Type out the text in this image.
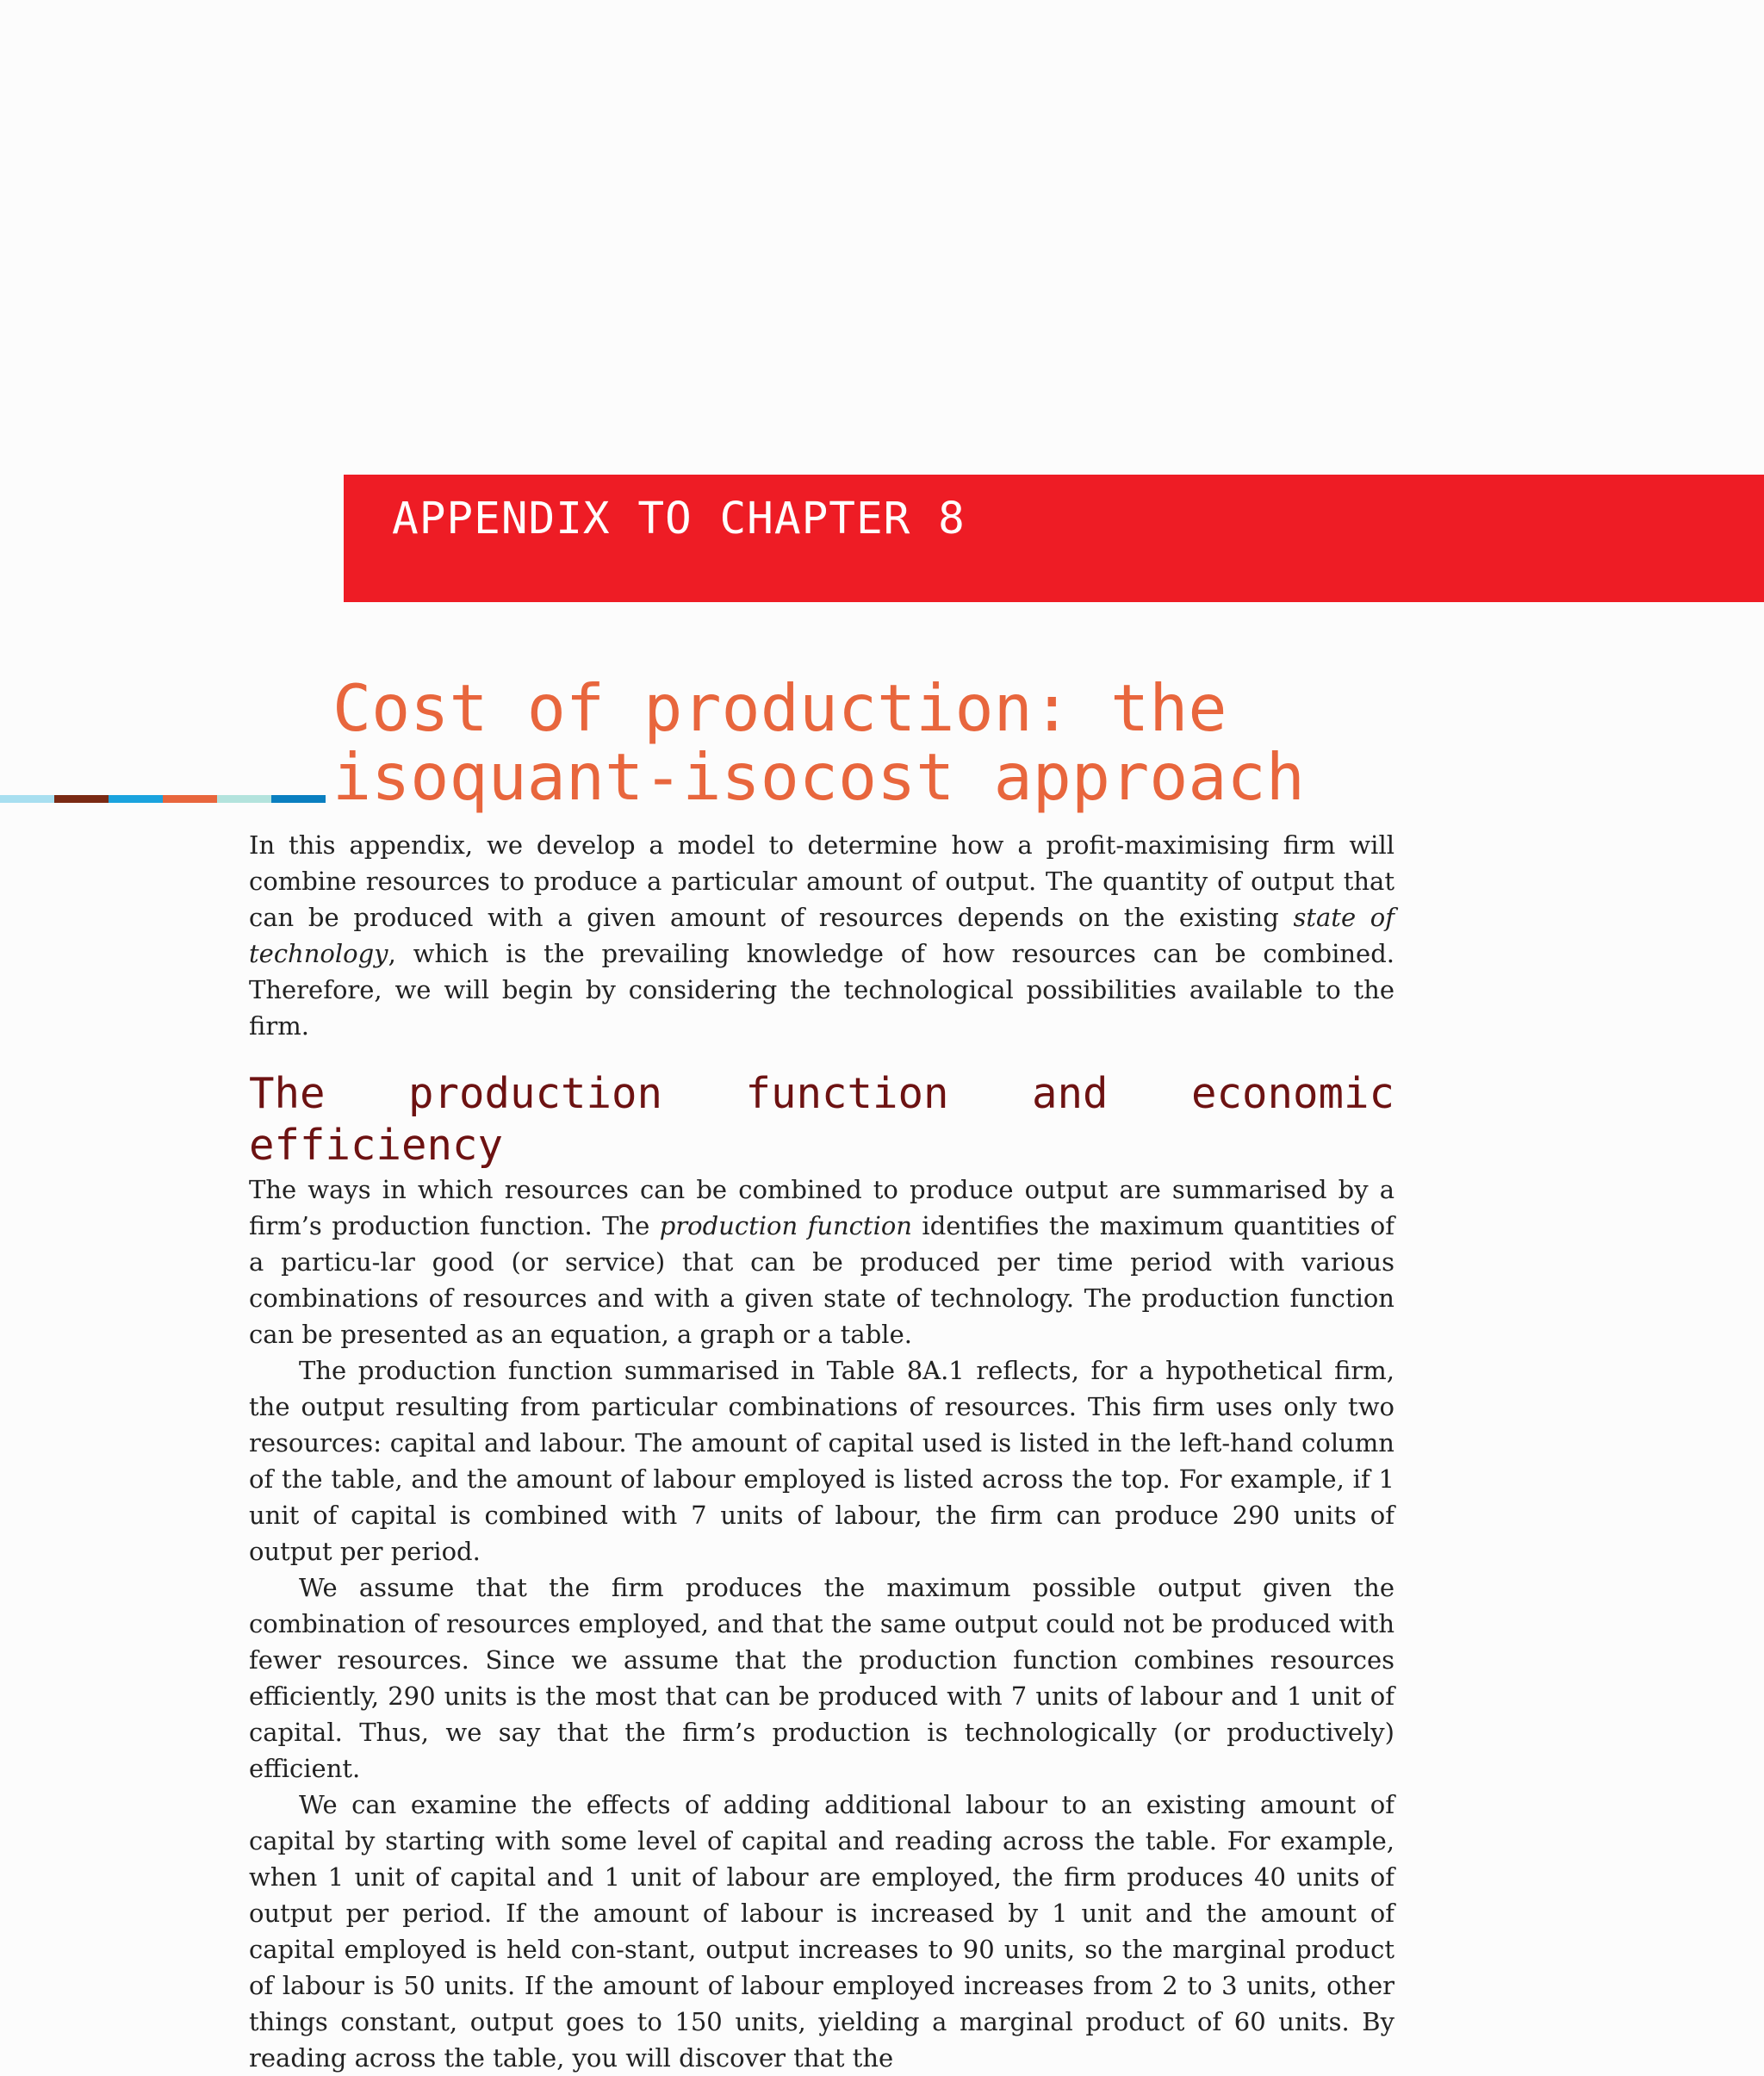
APPENDIX TO CHAPTER 8
Cost of production: the
isoquant-isocost approach

In this appendix, we develop a model to determine how a profit-maximising firm will combine resources to produce a particular amount of output. The quantity of output that can be produced with a given amount of resources depends on the existing state of technology, which is the prevailing knowledge of how resources can be combined. Therefore, we will begin by considering the technological possibilities available to the firm.

The production function and economic efficiency

The ways in which resources can be combined to produce output are summarised by a firm’s production function. The production function identifies the maximum quantities of a particu-lar good (or service) that can be produced per time period with various combinations of resources and with a given state of technology. The production function can be presented as an equation, a graph or a table.

The production function summarised in Table 8A.1 reflects, for a hypothetical firm, the output resulting from particular combinations of resources. This firm uses only two resources: capital and labour. The amount of capital used is listed in the left-hand column of the table, and the amount of labour employed is listed across the top. For example, if 1 unit of capital is combined with 7 units of labour, the firm can produce 290 units of output per period.

We assume that the firm produces the maximum possible output given the combination of resources employed, and that the same output could not be produced with fewer resources. Since we assume that the production function combines resources efficiently, 290 units is the most that can be produced with 7 units of labour and 1 unit of capital. Thus, we say that the firm’s production is technologically (or productively) efficient.

We can examine the effects of adding additional labour to an existing amount of capital by starting with some level of capital and reading across the table. For example, when 1 unit of capital and 1 unit of labour are employed, the firm produces 40 units of output per period. If the amount of labour is increased by 1 unit and the amount of capital employed is held con-stant, output increases to 90 units, so the marginal product of labour is 50 units. If the amount of labour employed increases from 2 to 3 units, other things constant, output goes to 150 units, yielding a marginal product of 60 units. By reading across the table, you will discover that the
